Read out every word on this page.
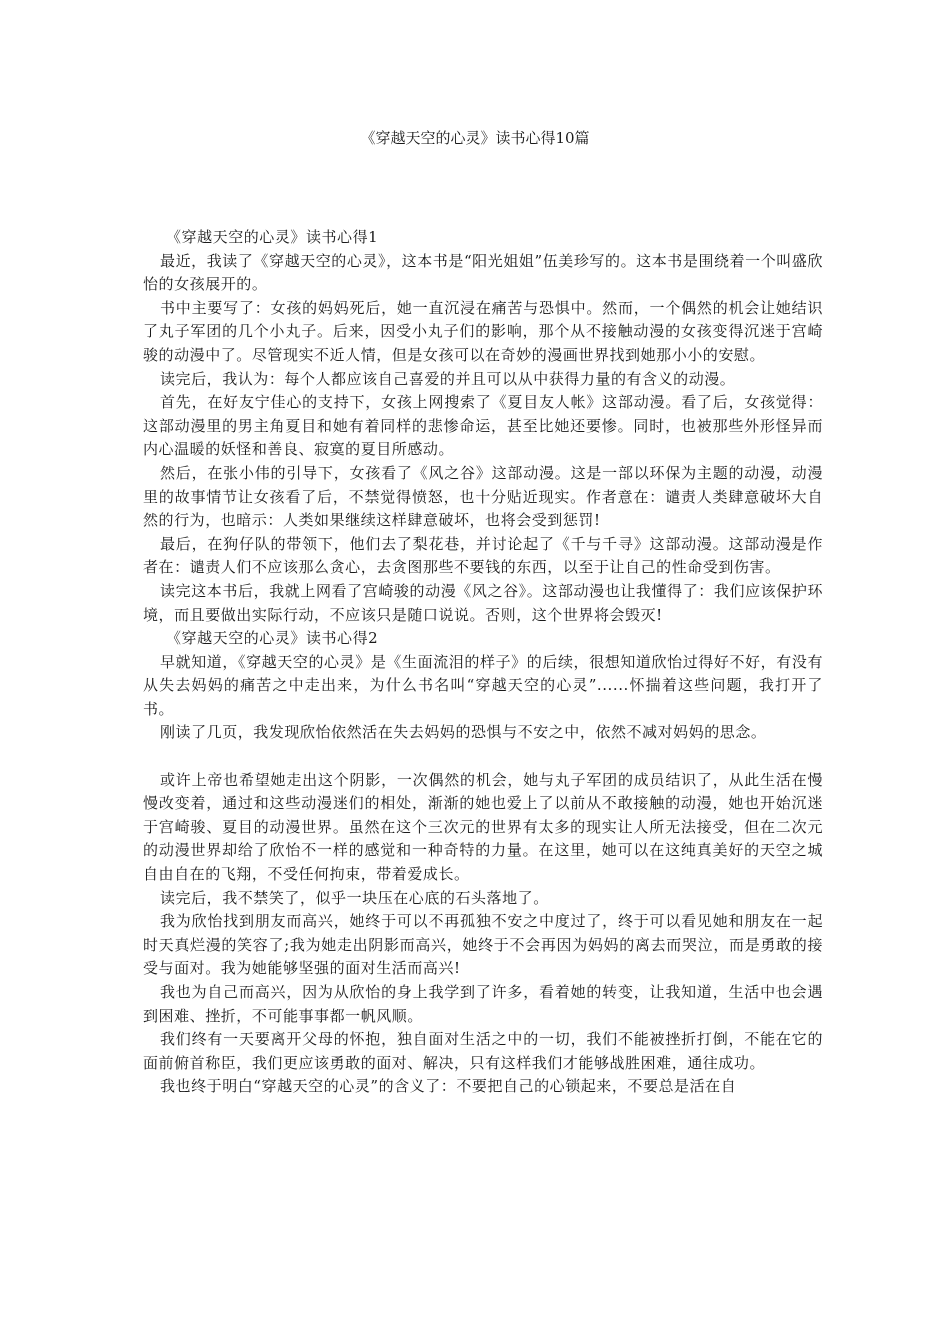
《穿越天空的心灵》读书心得10篇

《穿越天空的心灵》读书心得1

最近，我读了《穿越天空的心灵》，这本书是“阳光姐姐”伍美珍写的。这本书是围绕着一个叫盛欣怡的女孩展开的。

书中主要写了：女孩的妈妈死后，她一直沉浸在痛苦与恐惧中。然而，一个偶然的机会让她结识了丸子军团的几个小丸子。后来，因受小丸子们的影响，那个从不接触动漫的女孩变得沉迷于宫崎骏的动漫中了。尽管现实不近人情，但是女孩可以在奇妙的漫画世界找到她那小小的安慰。

读完后，我认为：每个人都应该自己喜爱的并且可以从中获得力量的有含义的动漫。

首先，在好友宁佳心的支持下，女孩上网搜索了《夏目友人帐》这部动漫。看了后，女孩觉得：这部动漫里的男主角夏目和她有着同样的悲惨命运，甚至比她还要惨。同时，也被那些外形怪异而内心温暖的妖怪和善良、寂寞的夏目所感动。

然后，在张小伟的引导下，女孩看了《风之谷》这部动漫。这是一部以环保为主题的动漫，动漫里的故事情节让女孩看了后，不禁觉得愤怒，也十分贴近现实。作者意在：谴责人类肆意破坏大自然的行为，也暗示：人类如果继续这样肆意破坏，也将会受到惩罚!

最后，在狗仔队的带领下，他们去了梨花巷，并讨论起了《千与千寻》这部动漫。这部动漫是作者在：谴责人们不应该那么贪心，去贪图那些不要钱的东西，以至于让自己的性命受到伤害。

读完这本书后，我就上网看了宫崎骏的动漫《风之谷》。这部动漫也让我懂得了：我们应该保护环境，而且要做出实际行动，不应该只是随口说说。否则，这个世界将会毁灭!

《穿越天空的心灵》读书心得2

早就知道，《穿越天空的心灵》是《生面流泪的样子》的后续，很想知道欣怡过得好不好，有没有从失去妈妈的痛苦之中走出来，为什么书名叫“穿越天空的心灵”......怀揣着这些问题，我打开了书。

刚读了几页，我发现欣怡依然活在失去妈妈的恐惧与不安之中，依然不减对妈妈的思念。

或许上帝也希望她走出这个阴影，一次偶然的机会，她与丸子军团的成员结识了，从此生活在慢慢改变着，通过和这些动漫迷们的相处，渐渐的她也爱上了以前从不敢接触的动漫，她也开始沉迷于宫崎骏、夏目的动漫世界。虽然在这个三次元的世界有太多的现实让人所无法接受，但在二次元的动漫世界却给了欣怡不一样的感觉和一种奇特的力量。在这里，她可以在这纯真美好的天空之城自由自在的飞翔，不受任何拘束，带着爱成长。

读完后，我不禁笑了，似乎一块压在心底的石头落地了。

我为欣怡找到朋友而高兴，她终于可以不再孤独不安之中度过了，终于可以看见她和朋友在一起时天真烂漫的笑容了;我为她走出阴影而高兴，她终于不会再因为妈妈的离去而哭泣，而是勇敢的接受与面对。我为她能够坚强的面对生活而高兴!

我也为自己而高兴，因为从欣怡的身上我学到了许多，看着她的转变，让我知道，生活中也会遇到困难、挫折，不可能事事都一帆风顺。

我们终有一天要离开父母的怀抱，独自面对生活之中的一切，我们不能被挫折打倒，不能在它的面前俯首称臣，我们更应该勇敢的面对、解决，只有这样我们才能够战胜困难，通往成功。

我也终于明白“穿越天空的心灵”的含义了：不要把自己的心锁起来，不要总是活在自
